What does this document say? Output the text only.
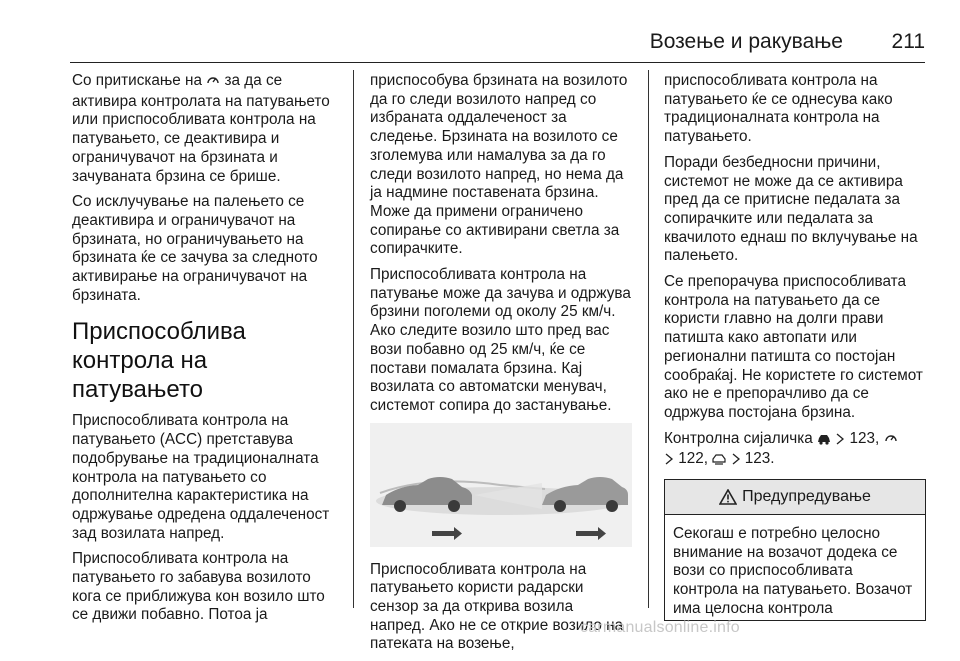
Возење и ракување 211

Со притискање на за да се активира контролата на патувањето или приспособливата контрола на патувањето, се деактивира и ограничувачот на брзината и зачуваната брзина се брише.

Со исклучување на палењето се деактивира и ограничувачот на брзината, но ограничувањето на брзината ќе се зачува за следното активирање на ограничувачот на брзината.

Приспособлива контрола на патувањето

Приспособливата контрола на патувањето (ACC) претставува подобрување на традиционалната контрола на патувањето со дополнителна карактеристика на одржување одредена оддалеченост зад возилата напред.

Приспособливата контрола на патувањето го забавува возилото кога се приближува кон возило што се движи побавно. Потоа ја

приспособува брзината на возилото да го следи возилото напред со избраната оддалеченост за следење. Брзината на возилото се зголемува или намалува за да го следи возилото напред, но нема да ја надмине поставената брзина. Може да примени ограничено сопирање со активирани светла за сопирачките.

Приспособливата контрола на патување може да зачува и одржува брзини поголеми од околу 25 км/ч. Ако следите возило што пред вас вози побавно од 25 км/ч, ќе се постави помалата брзина. Кај возилата со автоматски менувач, системот сопира до застанување.

Приспособливата контрола на патувањето користи радарски сензор за да открива возила напред. Ако не се открие возило на патеката на возење,

приспособливата контрола на патувањето ќе се однесува како традиционалната контрола на патувањето.

Поради безбедносни причини, системот не може да се активира пред да се притисне педалата за сопирачките или педалата за квачилото еднаш по вклучување на палењето.

Се препорачува приспособливата контрола на патувањето да се користи главно на долги прави патишта како автопати или регионални патишта со постојан сообраќај. Не користете го системот ако не е препорачливо да се одржува постојана брзина.

Контролна сијаличка 123,
122, 123.

Предупредување
Секогаш е потребно целосно внимание на возачот додека се вози со приспособливата контрола на патувањето. Возачот има целосна контрола
carmanualsonline.info
